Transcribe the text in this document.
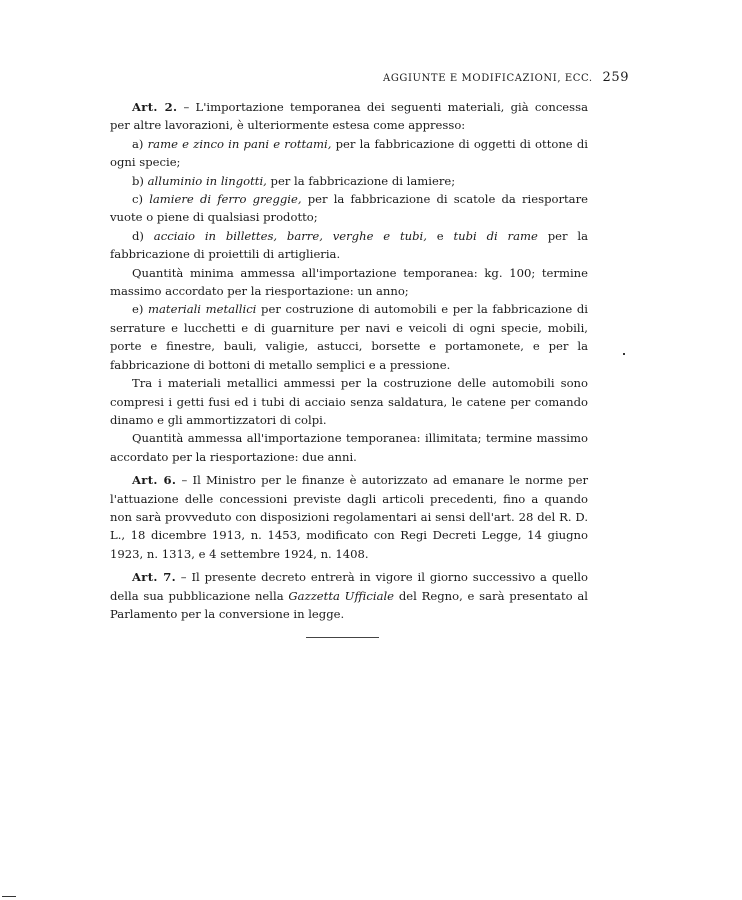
AGGIUNTE E MODIFICAZIONI, ECC. 259

Art. 2. – L'importazione temporanea dei seguenti materiali, già concessa per altre lavorazioni, è ulteriormente estesa come appresso:

a) rame e zinco in pani e rottami, per la fabbricazione di oggetti di ottone di ogni specie;

b) alluminio in lingotti, per la fabbricazione di lamiere;

c) lamiere di ferro greggie, per la fabbricazione di scatole da riesportare vuote o piene di qualsiasi prodotto;

d) acciaio in billettes, barre, verghe e tubi, e tubi di rame per la fabbricazione di proiettili di artiglieria.

Quantità minima ammessa all'importazione temporanea: kg. 100; termine massimo accordato per la riesportazione: un anno;

e) materiali metallici per costruzione di automobili e per la fabbricazione di serrature e lucchetti e di guarniture per navi e veicoli di ogni specie, mobili, porte e finestre, bauli, valigie, astucci, borsette e portamonete, e per la fabbricazione di bottoni di metallo semplici e a pressione.

Tra i materiali metallici ammessi per la costruzione delle automobili sono compresi i getti fusi ed i tubi di acciaio senza saldatura, le catene per comando dinamo e gli ammortizzatori di colpi.

Quantità ammessa all'importazione temporanea: illimitata; termine massimo accordato per la riesportazione: due anni.

Art. 6. – Il Ministro per le finanze è autorizzato ad emanare le norme per l'attuazione delle concessioni previste dagli articoli precedenti, fino a quando non sarà provveduto con disposizioni regolamentari ai sensi dell'art. 28 del R. D. L., 18 dicembre 1913, n. 1453, modificato con Regi Decreti Legge, 14 giugno 1923, n. 1313, e 4 settembre 1924, n. 1408.

Art. 7. – Il presente decreto entrerà in vigore il giorno successivo a quello della sua pubblicazione nella Gazzetta Ufficiale del Regno, e sarà presentato al Parlamento per la conversione in legge.
